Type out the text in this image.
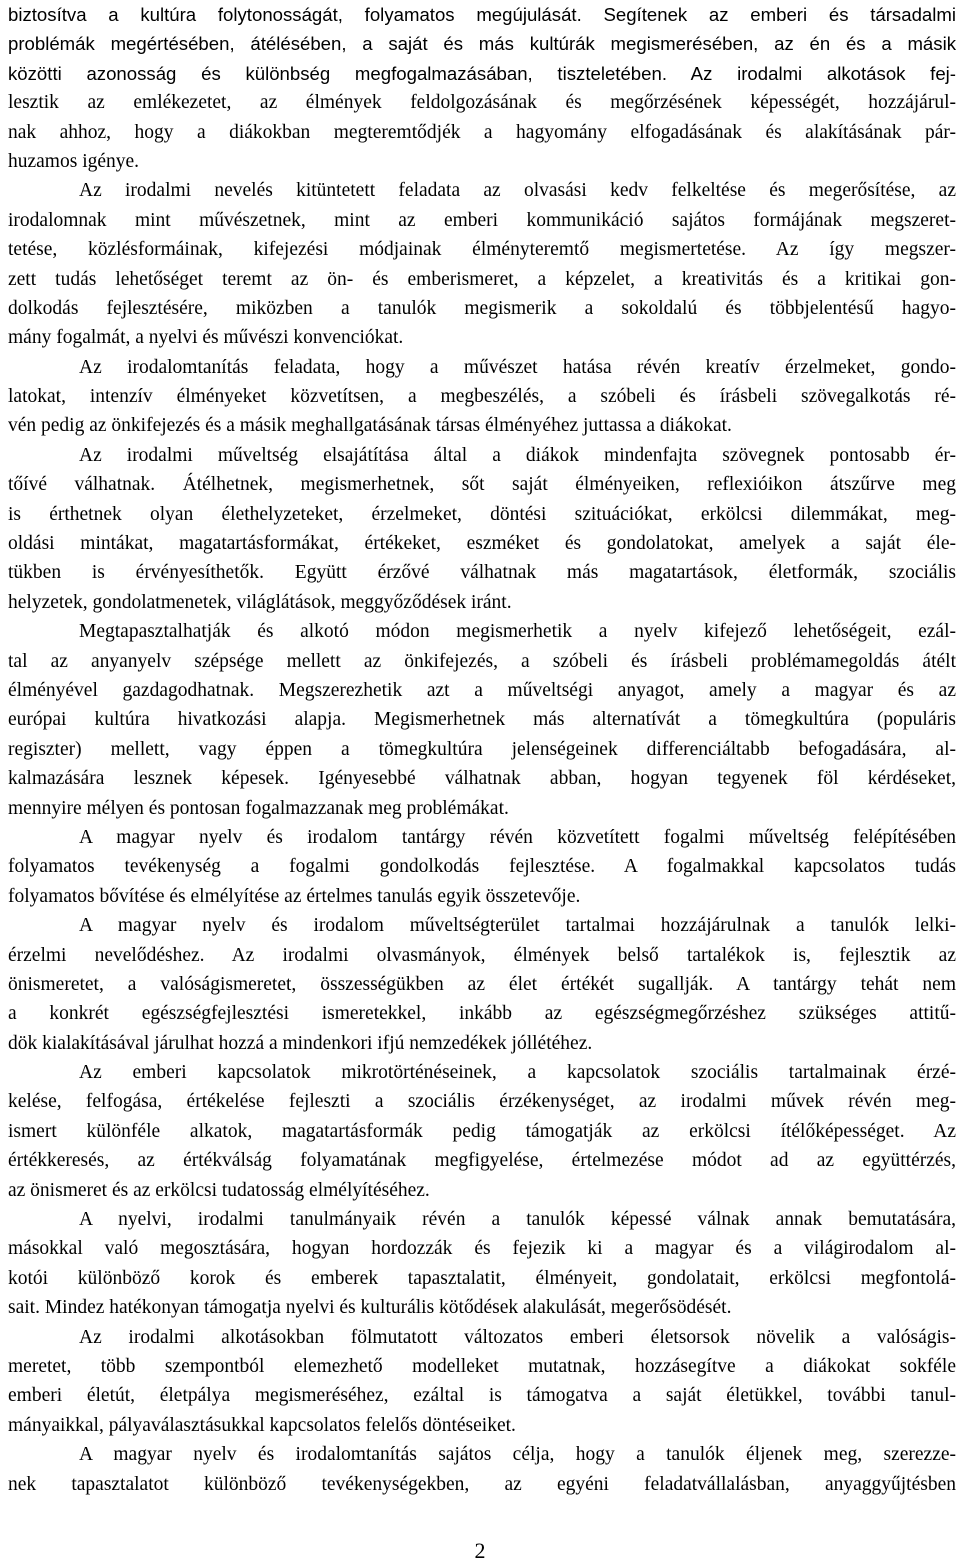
biztosítva a kultúra folytonosságát, folyamatos megújulását. Segítenek az emberi és társadalmi
problémák megértésében, átélésében, a saját és más kultúrák megismerésében, az én és a másik
közötti azonosság és különbség megfogalmazásában, tiszteletében. Az irodalmi alkotások fej-
lesztik az emlékezetet, az élmények feldolgozásának és megőrzésének képességét, hozzájárul-
nak ahhoz, hogy a diákokban megteremtődjék a hagyomány elfogadásának és alakításának pár-
huzamos igénye.
Az irodalmi nevelés kitüntetett feladata az olvasási kedv felkeltése és megerősítése, az
irodalomnak mint művészetnek, mint az emberi kommunikáció sajátos formájának megszeret-
tetése, közlésformáinak, kifejezési módjainak élményteremtő megismertetése. Az így megszer-
zett tudás lehetőséget teremt az ön- és emberismeret, a képzelet, a kreativitás és a kritikai gon-
dolkodás fejlesztésére, miközben a tanulók megismerik a sokoldalú és többjelentésű hagyo-
mány fogalmát, a nyelvi és művészi konvenciókat.
Az irodalomtanítás feladata, hogy a művészet hatása révén kreatív érzelmeket, gondo-
latokat, intenzív élményeket közvetítsen, a megbeszélés, a szóbeli és írásbeli szövegalkotás ré-
vén pedig az önkifejezés és a másik meghallgatásának társas élményéhez juttassa a diákokat.
Az irodalmi műveltség elsajátítása által a diákok mindenfajta szövegnek pontosabb ér-
tőívé válhatnak. Átélhetnek, megismerhetnek, sőt saját élményeiken, reflexióikon átszűrve meg
is érthetnek olyan élethelyzeteket, érzelmeket, döntési szituációkat, erkölcsi dilemmákat, meg-
oldási mintákat, magatartásformákat, értékeket, eszméket és gondolatokat, amelyek a saját éle-
tükben is érvényesíthetők. Együtt érzővé válhatnak más magatartások, életformák, szociális
helyzetek, gondolatmenetek, világlátások, meggyőződések iránt.
Megtapasztalhatják és alkotó módon megismerhetik a nyelv kifejező lehetőségeit, ezál-
tal az anyanyelv szépsége mellett az önkifejezés, a szóbeli és írásbeli problémamegoldás átélt
élményével gazdagodhatnak. Megszerezhetik azt a műveltségi anyagot, amely a magyar és az
európai kultúra hivatkozási alapja. Megismerhetnek más alternatívát a tömegkultúra (populáris
regiszter) mellett, vagy éppen a tömegkultúra jelenségeinek differenciáltabb befogadására, al-
kalmazására lesznek képesek. Igényesebbé válhatnak abban, hogyan tegyenek föl kérdéseket,
mennyire mélyen és pontosan fogalmazzanak meg problémákat.
A magyar nyelv és irodalom tantárgy révén közvetített fogalmi műveltség felépítésében
folyamatos tevékenység a fogalmi gondolkodás fejlesztése. A fogalmakkal kapcsolatos tudás
folyamatos bővítése és elmélyítése az értelmes tanulás egyik összetevője.
A magyar nyelv és irodalom műveltségterület tartalmai hozzájárulnak a tanulók lelki-
érzelmi nevelődéshez. Az irodalmi olvasmányok, élmények belső tartalékok is, fejlesztik az
önismeretet, a valóságismeretet, összességükben az élet értékét sugallják. A tantárgy tehát nem
a konkrét egészségfejlesztési ismeretekkel, inkább az egészségmegőrzéshez szükséges attitű-
dök kialakításával járulhat hozzá a mindenkori ifjú nemzedékek jóllétéhez.
Az emberi kapcsolatok mikrotörténéseinek, a kapcsolatok szociális tartalmainak érzé-
kelése, felfogása, értékelése fejleszti a szociális érzékenységet, az irodalmi művek révén meg-
ismert különféle alkatok, magatartásformák pedig támogatják az erkölcsi ítélőképességet. Az
értékkeresés, az értékválság folyamatának megfigyelése, értelmezése módot ad az együttérzés,
az önismeret és az erkölcsi tudatosság elmélyítéséhez.
A nyelvi, irodalmi tanulmányaik révén a tanulók képessé válnak annak bemutatására,
másokkal való megosztására, hogyan hordozzák és fejezik ki a magyar és a világirodalom al-
kotói különböző korok és emberek tapasztalatit, élményeit, gondolatait, erkölcsi megfontolá-
sait. Mindez hatékonyan támogatja nyelvi és kulturális kötődések alakulását, megerősödését.
Az irodalmi alkotásokban fölmutatott változatos emberi életsorsok növelik a valóságis-
meretet, több szempontból elemezhető modelleket mutatnak, hozzásegítve a diákokat sokféle
emberi életút, életpálya megismeréséhez, ezáltal is támogatva a saját életükkel, további tanul-
mányaikkal, pályaválasztásukkal kapcsolatos felelős döntéseiket.
A magyar nyelv és irodalomtanítás sajátos célja, hogy a tanulók éljenek meg, szerezze-
nek tapasztalatot különböző tevékenységekben, az egyéni feladatvállalásban, anyaggyűjtésben
2
